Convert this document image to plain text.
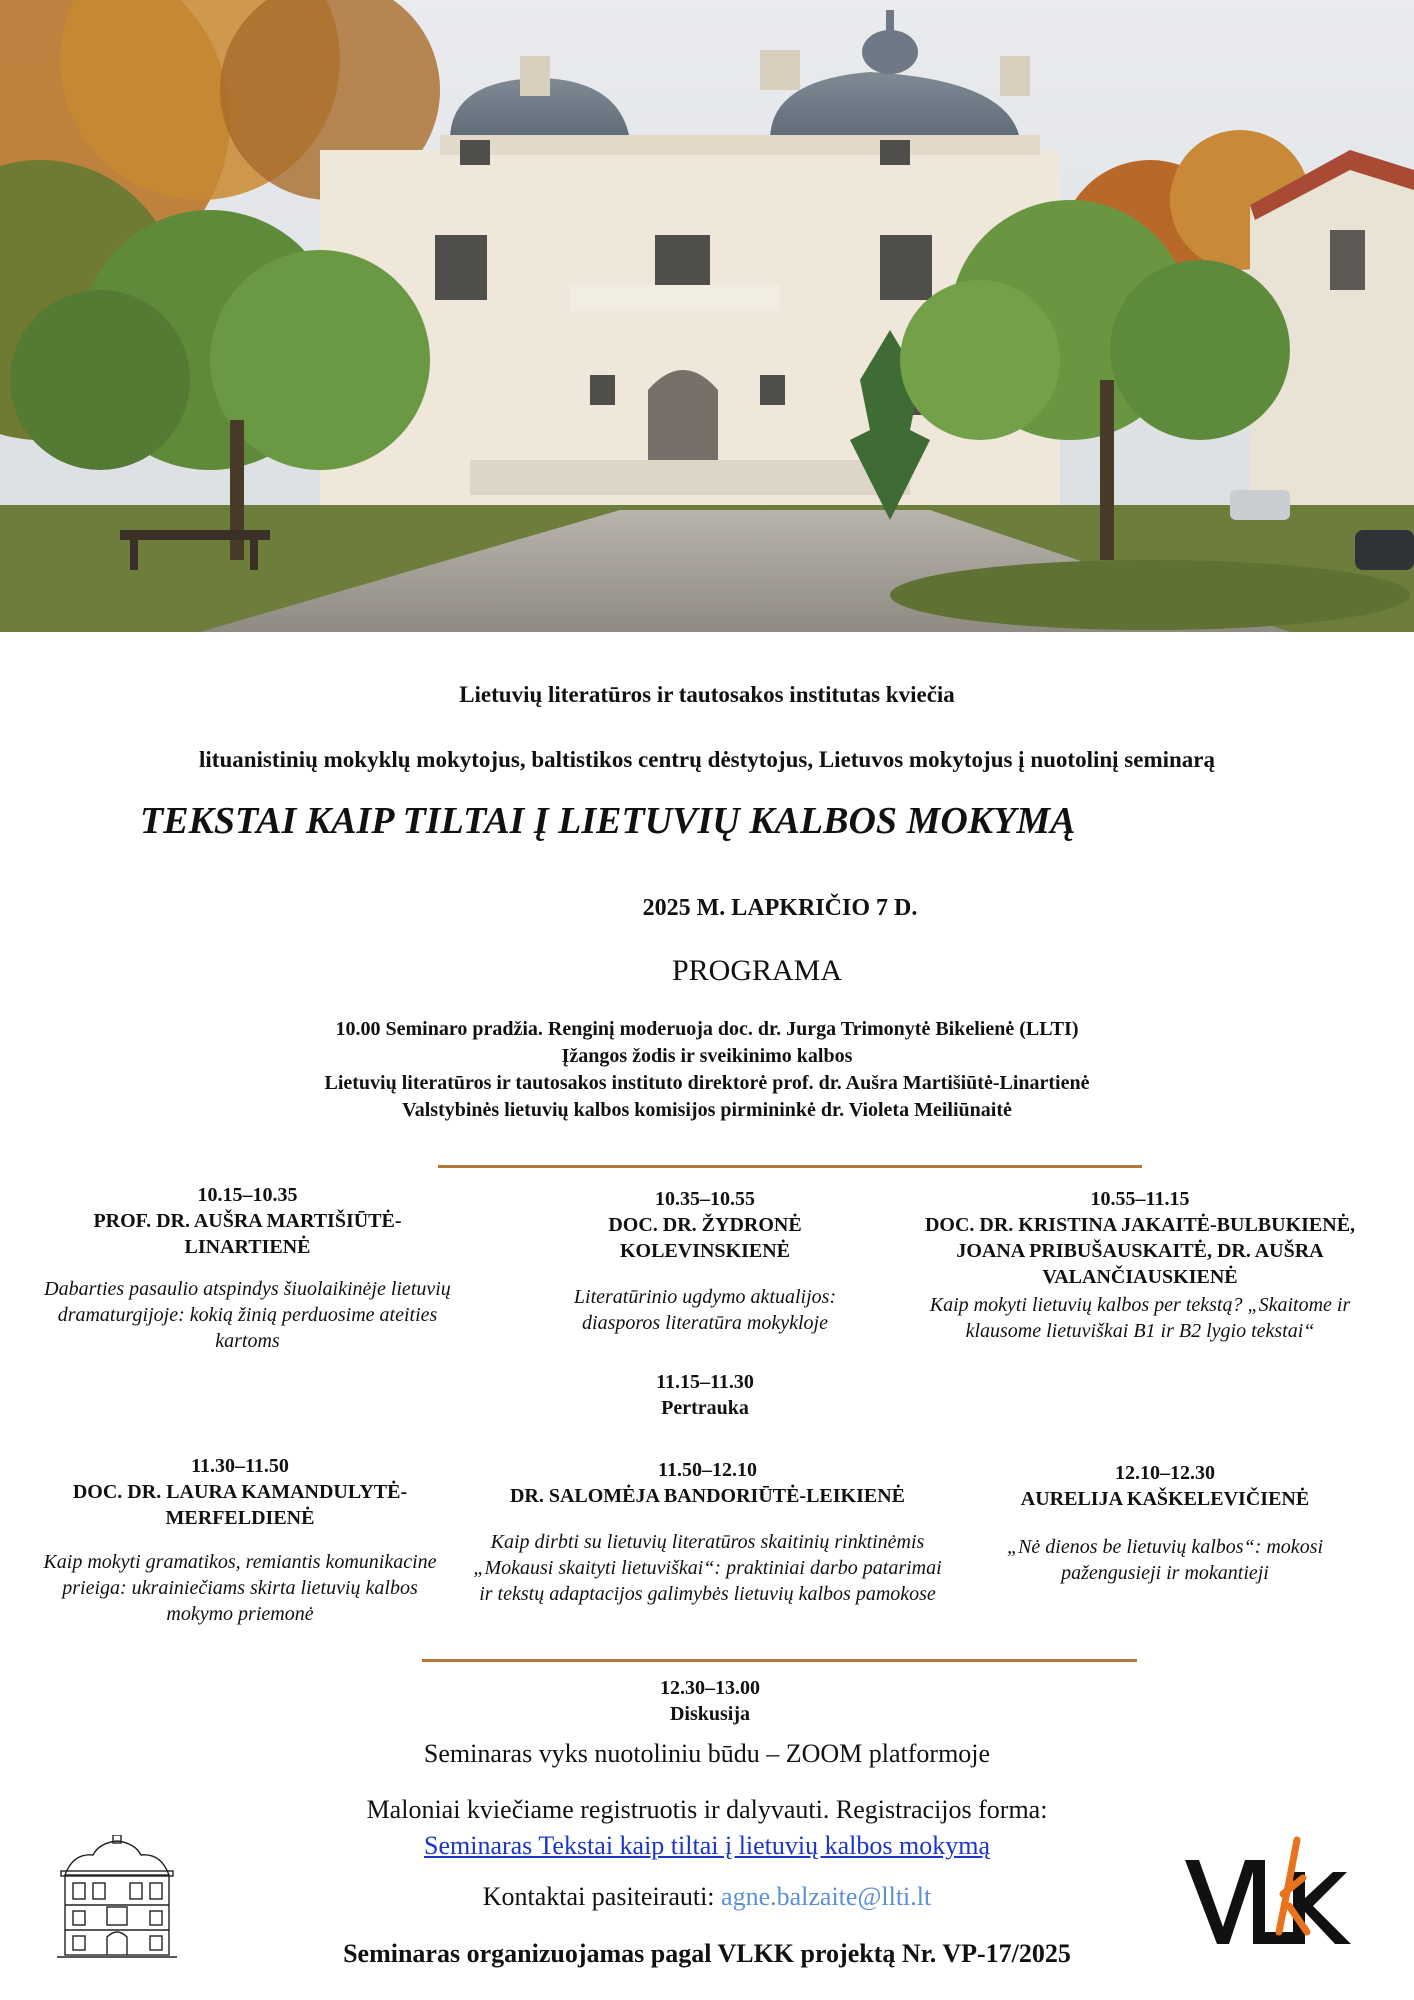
Lietuvių literatūros ir tautosakos institutas kviečia
lituanistinių mokyklų mokytojus, baltistikos centrų dėstytojus, Lietuvos mokytojus į nuotolinį seminarą
TEKSTAI KAIP TILTAI Į LIETUVIŲ KALBOS MOKYMĄ
2025 M. LAPKRIČIO 7 D.
PROGRAMA
10.00 Seminaro pradžia. Renginį moderuoja doc. dr. Jurga Trimonytė Bikelienė (LLTI)
Įžangos žodis ir sveikinimo kalbos
Lietuvių literatūros ir tautosakos instituto direktorė prof. dr. Aušra Martišiūtė-Linartienė
Valstybinės lietuvių kalbos komisijos pirmininkė dr. Violeta Meiliūnaitė
10.15–10.35
PROF. DR. AUŠRA MARTIŠIŪTĖ-LINARTIENĖ
Dabarties pasaulio atspindys šiuolaikinėje lietuvių dramaturgijoje: kokią žinią perduosime ateities kartoms
10.35–10.55
DOC. DR. ŽYDRONĖ KOLEVINSKIENĖ
Literatūrinio ugdymo aktualijos: diasporos literatūra mokykloje
10.55–11.15
DOC. DR. KRISTINA JAKAITĖ-BULBUKIENĖ, JOANA PRIBUŠAUSKAITĖ, DR. AUŠRA VALANČIAUSKIENĖ
Kaip mokyti lietuvių kalbos per tekstą? „Skaitome ir klausome lietuviškai B1 ir B2 lygio tekstai“
11.15–11.30
Pertrauka
11.30–11.50
DOC. DR. LAURA KAMANDULYTĖ-MERFELDIENĖ
Kaip mokyti gramatikos, remiantis komunikacine prieiga: ukrainiečiams skirta lietuvių kalbos mokymo priemonė
11.50–12.10
DR. SALOMĖJA BANDORIŪTĖ-LEIKIENĖ
Kaip dirbti su lietuvių literatūros skaitinių rinktinėmis „Mokausi skaityti lietuviškai“: praktiniai darbo patarimai ir tekstų adaptacijos galimybės lietuvių kalbos pamokose
12.10–12.30
AURELIJA KAŠKELEVIČIENĖ
„Nė dienos be lietuvių kalbos“: mokosi pažengusieji ir mokantieji
12.30–13.00
Diskusija
Seminaras vyks nuotoliniu būdu – ZOOM platformoje
Maloniai kviečiame registruotis ir dalyvauti. Registracijos forma:
Seminaras Tekstai kaip tiltai į lietuvių kalbos mokymą
Kontaktai pasiteirauti: agne.balzaite@llti.lt
Seminaras organizuojamas pagal VLKK projektą Nr. VP-17/2025
